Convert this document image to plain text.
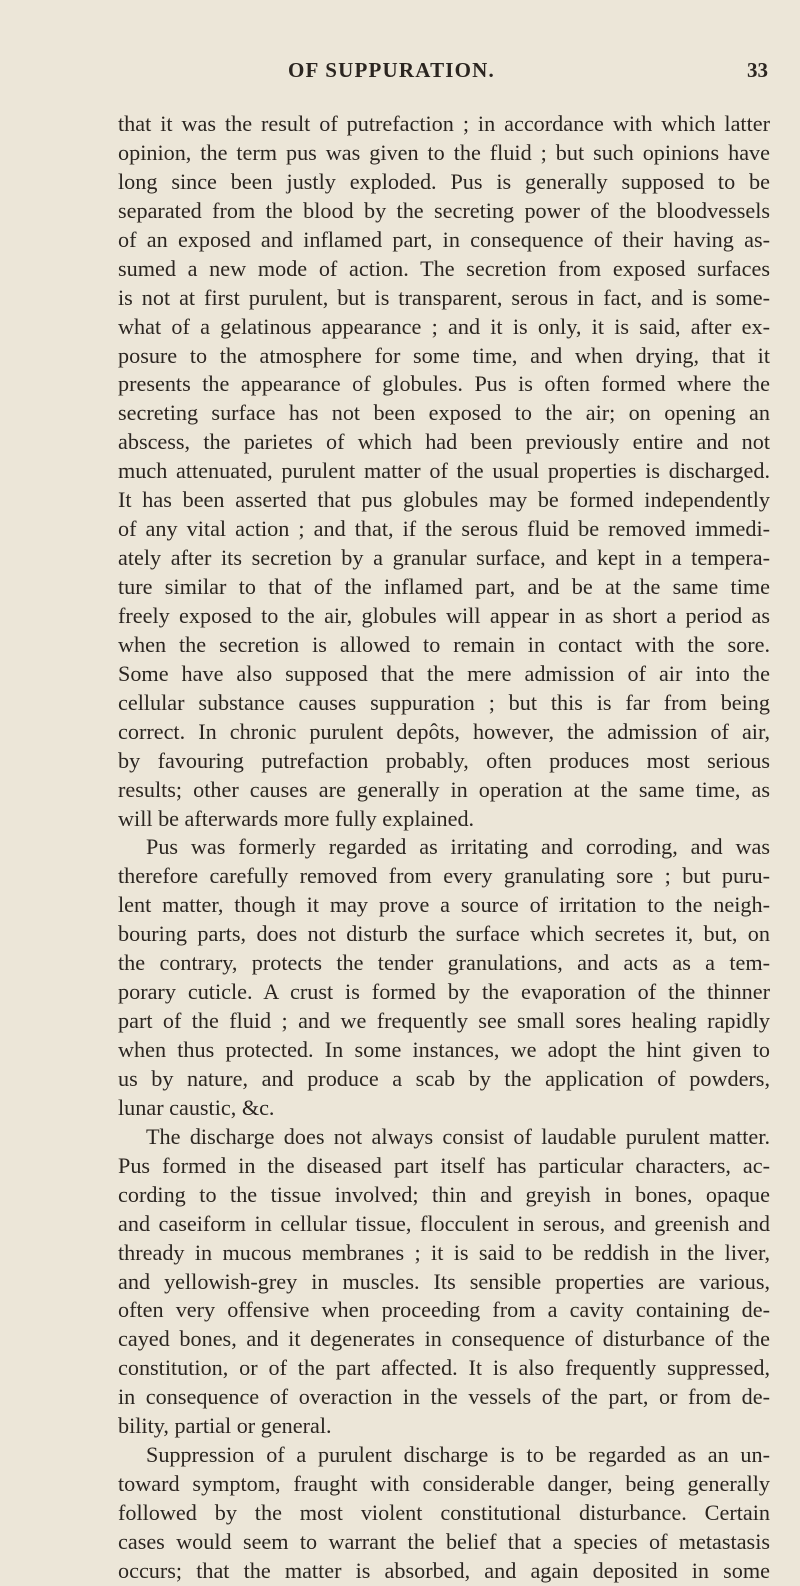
OF SUPPURATION.	33
that it was the result of putrefaction ; in accordance with which latter
opinion, the term pus was given to the fluid ; but such opinions have
long since been justly exploded. Pus is generally supposed to be
separated from the blood by the secreting power of the bloodvessels
of an exposed and inflamed part, in consequence of their having as-
sumed a new mode of action. The secretion from exposed surfaces
is not at first purulent, but is transparent, serous in fact, and is some-
what of a gelatinous appearance ; and it is only, it is said, after ex-
posure to the atmosphere for some time, and when drying, that it
presents the appearance of globules. Pus is often formed where the
secreting surface has not been exposed to the air; on opening an
abscess, the parietes of which had been previously entire and not
much attenuated, purulent matter of the usual properties is discharged.
It has been asserted that pus globules may be formed independently
of any vital action ; and that, if the serous fluid be removed immedi-
ately after its secretion by a granular surface, and kept in a tempera-
ture similar to that of the inflamed part, and be at the same time
freely exposed to the air, globules will appear in as short a period as
when the secretion is allowed to remain in contact with the sore.
Some have also supposed that the mere admission of air into the
cellular substance causes suppuration ; but this is far from being
correct. In chronic purulent depôts, however, the admission of air,
by favouring putrefaction probably, often produces most serious
results; other causes are generally in operation at the same time, as
will be afterwards more fully explained.
Pus was formerly regarded as irritating and corroding, and was
therefore carefully removed from every granulating sore ; but puru-
lent matter, though it may prove a source of irritation to the neigh-
bouring parts, does not disturb the surface which secretes it, but, on
the contrary, protects the tender granulations, and acts as a tem-
porary cuticle. A crust is formed by the evaporation of the thinner
part of the fluid ; and we frequently see small sores healing rapidly
when thus protected. In some instances, we adopt the hint given to
us by nature, and produce a scab by the application of powders,
lunar caustic, &c.
The discharge does not always consist of laudable purulent matter.
Pus formed in the diseased part itself has particular characters, ac-
cording to the tissue involved; thin and greyish in bones, opaque
and caseiform in cellular tissue, flocculent in serous, and greenish and
thready in mucous membranes ; it is said to be reddish in the liver,
and yellowish-grey in muscles. Its sensible properties are various,
often very offensive when proceeding from a cavity containing de-
cayed bones, and it degenerates in consequence of disturbance of the
constitution, or of the part affected. It is also frequently suppressed,
in consequence of overaction in the vessels of the part, or from de-
bility, partial or general.
Suppression of a purulent discharge is to be regarded as an un-
toward symptom, fraught with considerable danger, being generally
followed by the most violent constitutional disturbance. Certain
cases would seem to warrant the belief that a species of metastasis
occurs; that the matter is absorbed, and again deposited in some
